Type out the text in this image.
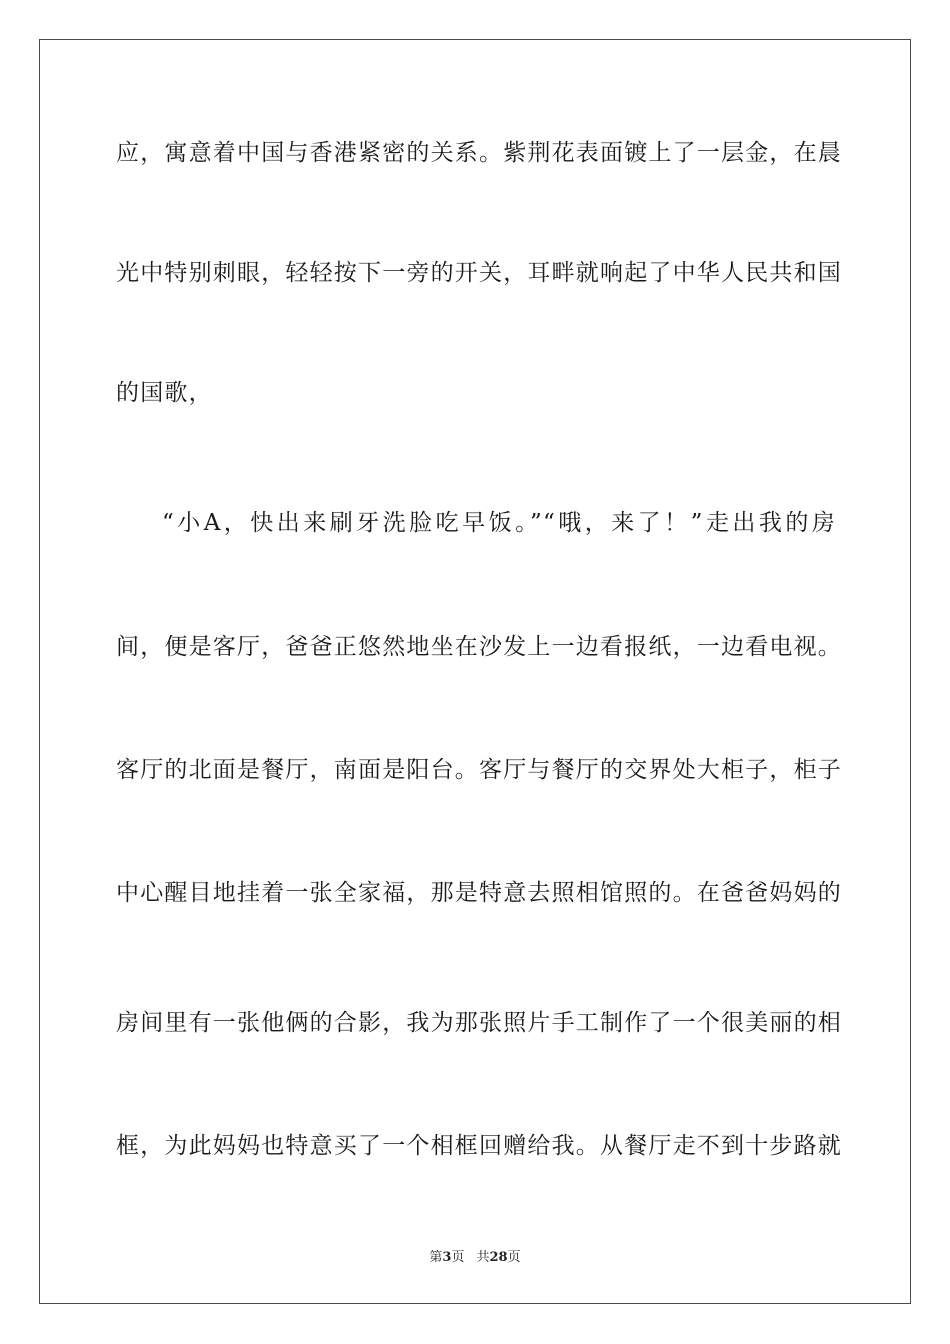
应，寓意着中国与香港紧密的关系。紫荆花表面镀上了一层金，在晨
光中特别刺眼，轻轻按下一旁的开关，耳畔就响起了中华人民共和国
的国歌，
“小A，快出来刷牙洗脸吃早饭。”“哦，来了！”走出我的房
间，便是客厅，爸爸正悠然地坐在沙发上一边看报纸，一边看电视。
客厅的北面是餐厅，南面是阳台。客厅与餐厅的交界处大柜子，柜子
中心醒目地挂着一张全家福，那是特意去照相馆照的。在爸爸妈妈的
房间里有一张他俩的合影，我为那张照片手工制作了一个很美丽的相
框，为此妈妈也特意买了一个相框回赠给我。从餐厅走不到十步路就
第3页 共28页
